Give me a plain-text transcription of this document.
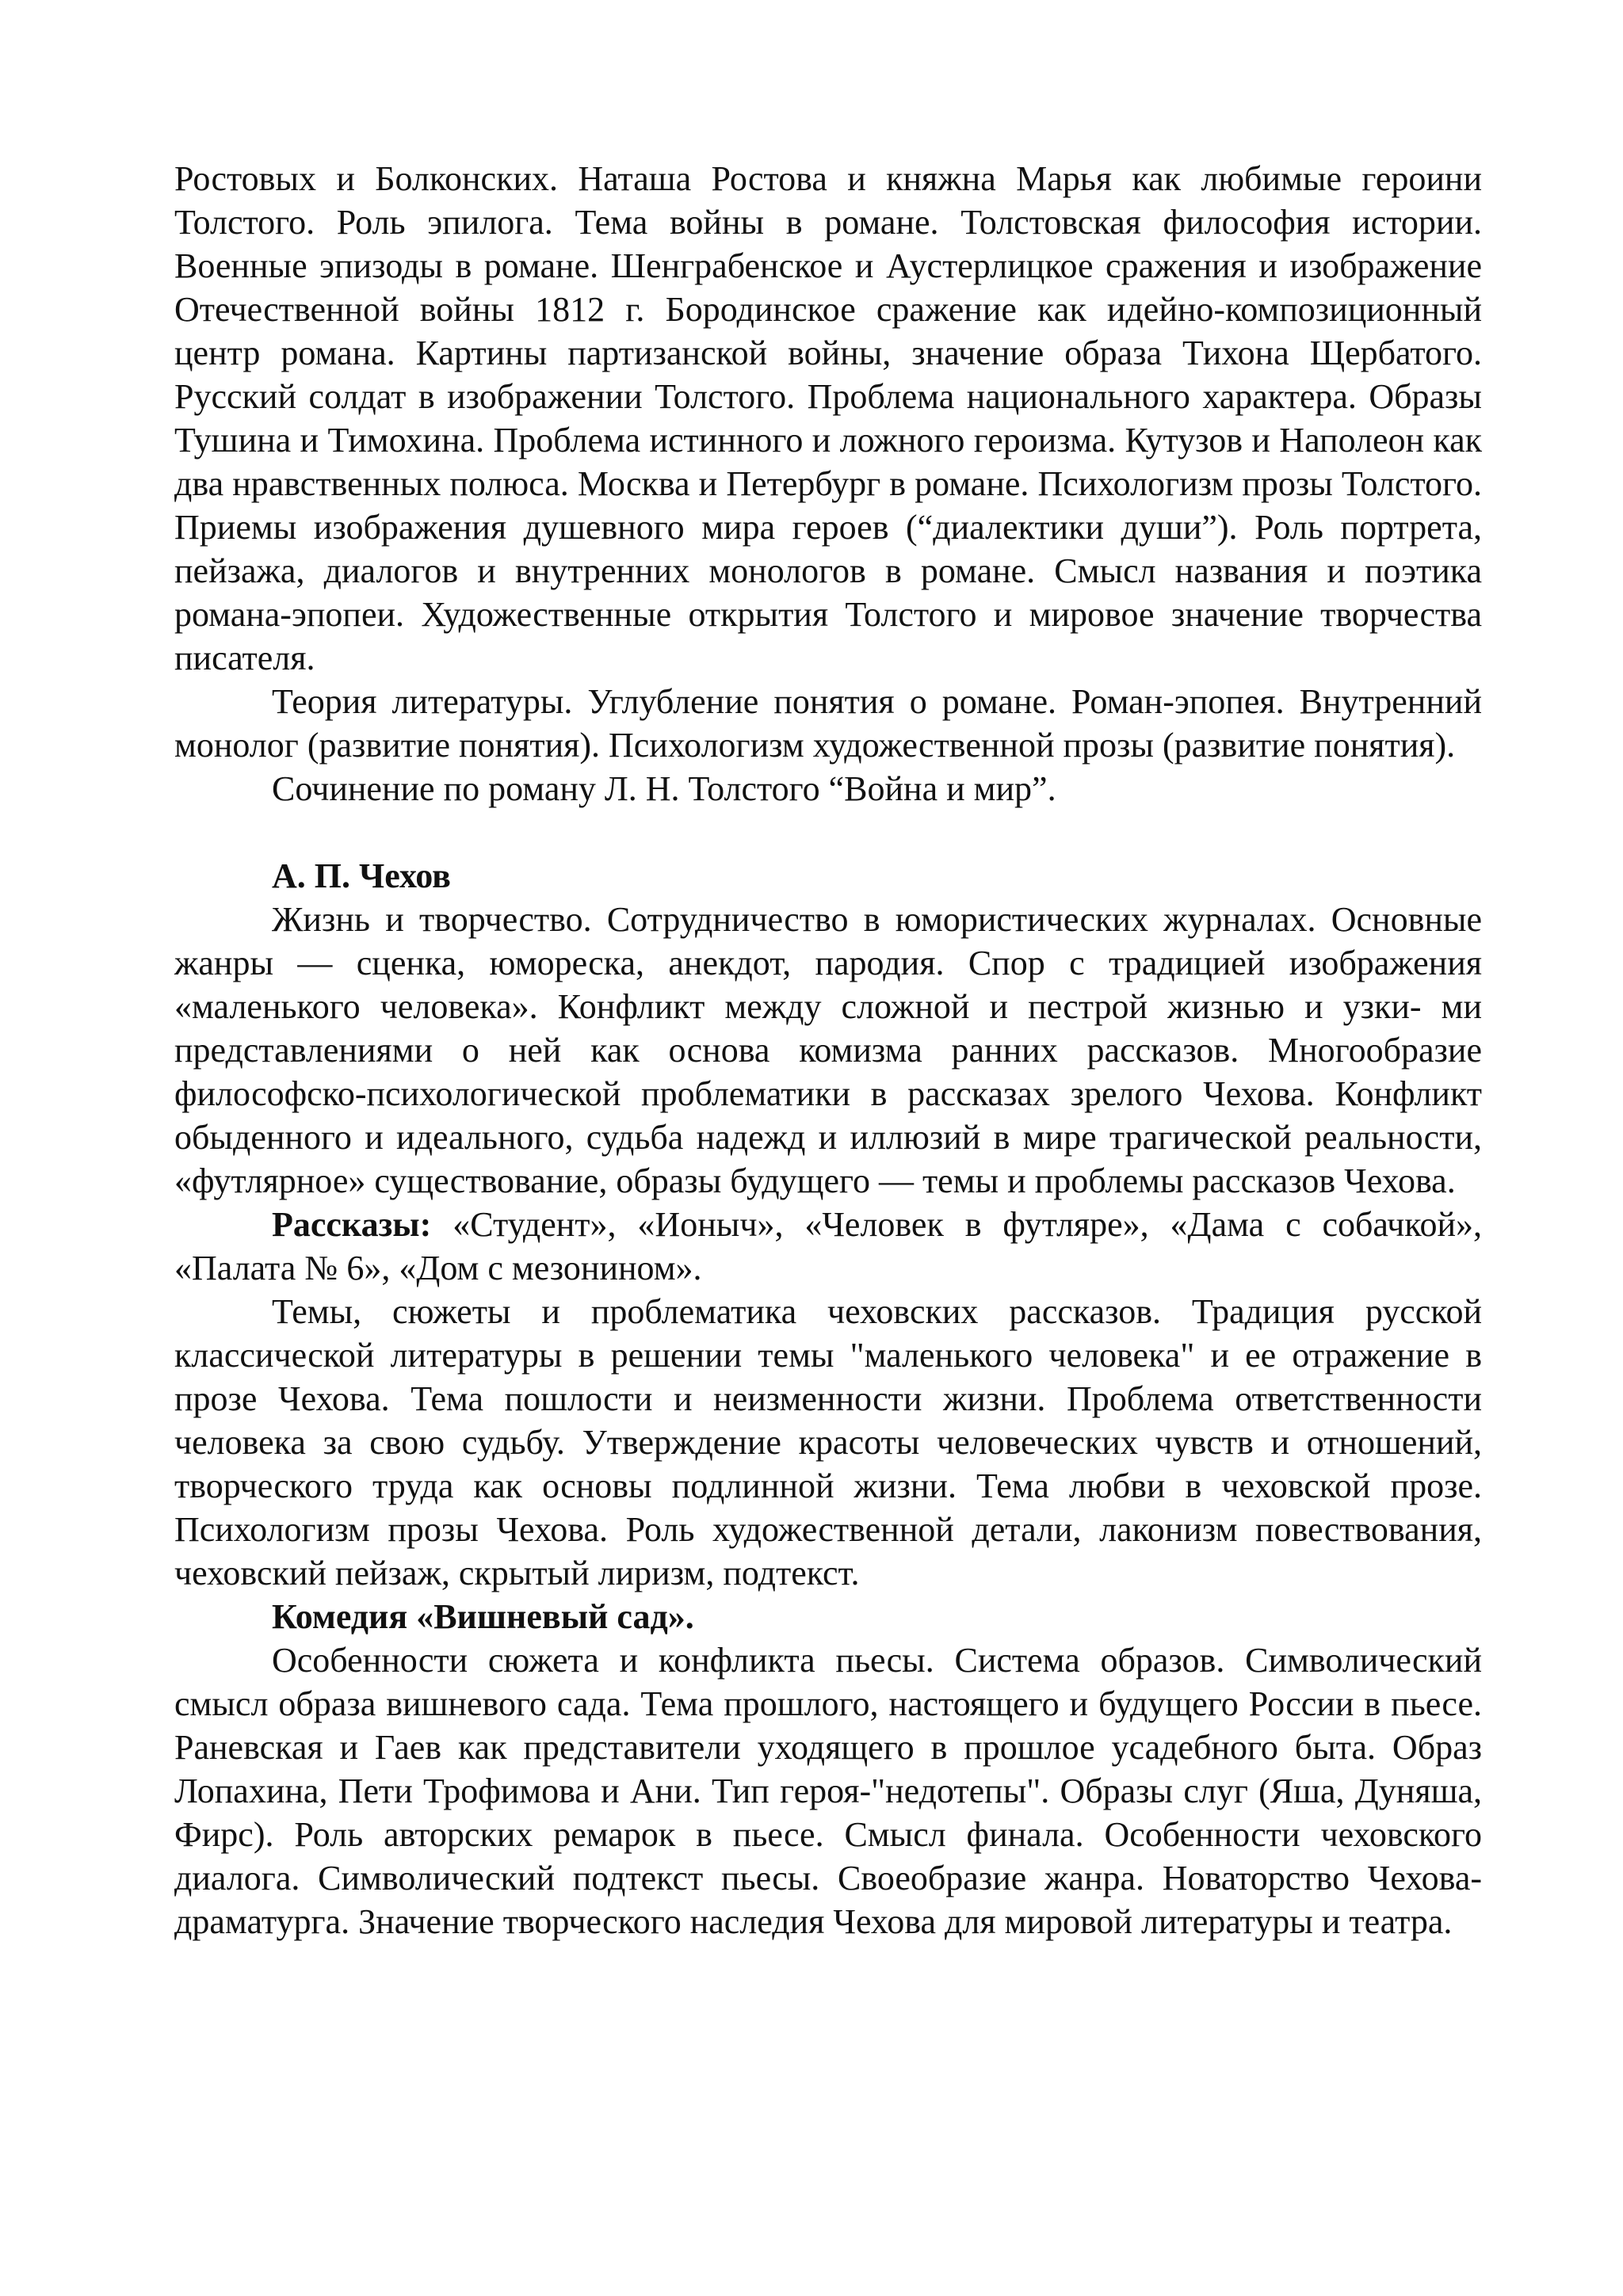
Ростовых и Болконских. Наташа Ростова и княжна Марья как любимые героини Толстого. Роль эпилога. Тема войны в романе. Толстовская философия истории. Военные эпизоды в романе. Шенграбенское и Аустерлицкое сражения и изображение Отечественной войны 1812 г. Бородинское сражение как идейно-композиционный центр романа. Картины партизанской войны, значение образа Тихона Щербатого. Русский солдат в изображении Толстого. Проблема национального характера. Образы Тушина и Тимохина. Проблема истинного и ложного героизма. Кутузов и Наполеон как два нравственных полюса. Москва и Петербург в романе. Психологизм прозы Толстого. Приемы изображения душевного мира героев (“диалектики души”). Роль портрета, пейзажа, диалогов и внутренних монологов в романе. Смысл названия и поэтика романа-эпопеи. Художественные открытия Толстого и мировое значение творчества писателя.

Теория литературы. Углубление понятия о романе. Роман-эпопея. Внутренний монолог (развитие понятия). Психологизм художественной прозы (развитие понятия).

Сочинение по роману Л. Н. Толстого “Война и мир”.

А. П. Чехов

Жизнь и творчество. Сотрудничество в юмористических журналах. Основные жанры — сценка, юмореска, анекдот, пародия. Спор с традицией изображения «маленького человека». Конфликт между сложной и пестрой жизнью и узки- ми представлениями о ней как основа комизма ранних рассказов. Многообразие философско-психологической проблематики в рассказах зрелого Чехова. Конфликт обыденного и идеального, судьба надежд и иллюзий в мире трагической реальности, «футлярное» существование, образы будущего — темы и проблемы рассказов Чехова.

Рассказы: «Студент», «Ионыч», «Человек в футляре», «Дама с собачкой», «Палата № 6», «Дом с мезонином».

Темы, сюжеты и проблематика чеховских рассказов. Традиция русской классической литературы в решении темы "маленького человека" и ее отражение в прозе Чехова. Тема пошлости и неизменности жизни. Проблема ответственности человека за свою судьбу. Утверждение красоты человеческих чувств и отношений, творческого труда как основы подлинной жизни. Тема любви в чеховской прозе. Психологизм прозы Чехова. Роль художественной детали, лаконизм повествования, чеховский пейзаж, скрытый лиризм, подтекст.

Комедия «Вишневый сад».

Особенности сюжета и конфликта пьесы. Система образов. Символический смысл образа вишневого сада. Тема прошлого, настоящего и будущего России в пьесе. Раневская и Гаев как представители уходящего в прошлое усадебного быта. Образ Лопахина, Пети Трофимова и Ани. Тип героя-"недотепы". Образы слуг (Яша, Дуняша, Фирс). Роль авторских ремарок в пьесе. Смысл финала. Особенности чеховского диалога. Символический подтекст пьесы. Своеобразие жанра. Новаторство Чехова-драматурга. Значение творческого наследия Чехова для мировой литературы и театра.
